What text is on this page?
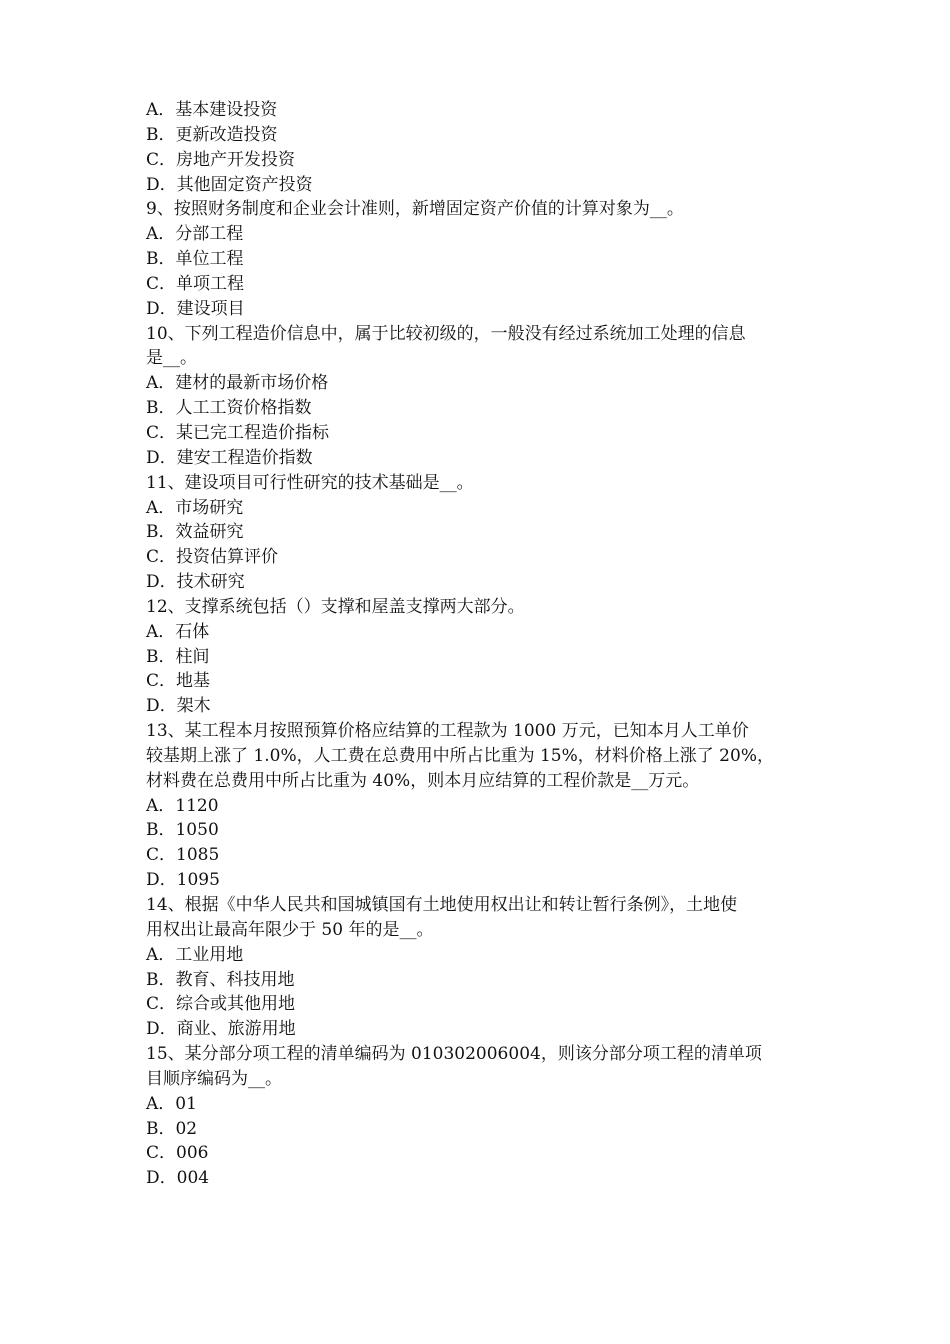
A．基本建设投资
B．更新改造投资
C．房地产开发投资
D．其他固定资产投资
9、按照财务制度和企业会计准则，新增固定资产价值的计算对象为__。
A．分部工程
B．单位工程
C．单项工程
D．建设项目
10、下列工程造价信息中，属于比较初级的，一般没有经过系统加工处理的信息
是__。
A．建材的最新市场价格
B．人工工资价格指数
C．某已完工程造价指标
D．建安工程造价指数
11、建设项目可行性研究的技术基础是__。
A．市场研究
B．效益研究
C．投资估算评价
D．技术研究
12、支撑系统包括（）支撑和屋盖支撑两大部分。
A．石体
B．柱间
C．地基
D．架木
13、某工程本月按照预算价格应结算的工程款为 1000 万元，已知本月人工单价
较基期上涨了 1.0%，人工费在总费用中所占比重为 15%，材料价格上涨了 20%，
材料费在总费用中所占比重为 40%，则本月应结算的工程价款是__万元。
A．1120
B．1050
C．1085
D．1095
14、根据《中华人民共和国城镇国有土地使用权出让和转让暂行条例》，土地使
用权出让最高年限少于 50 年的是__。
A．工业用地
B．教育、科技用地
C．综合或其他用地
D．商业、旅游用地
15、某分部分项工程的清单编码为 010302006004，则该分部分项工程的清单项
目顺序编码为__。
A．01
B．02
C．006
D．004
